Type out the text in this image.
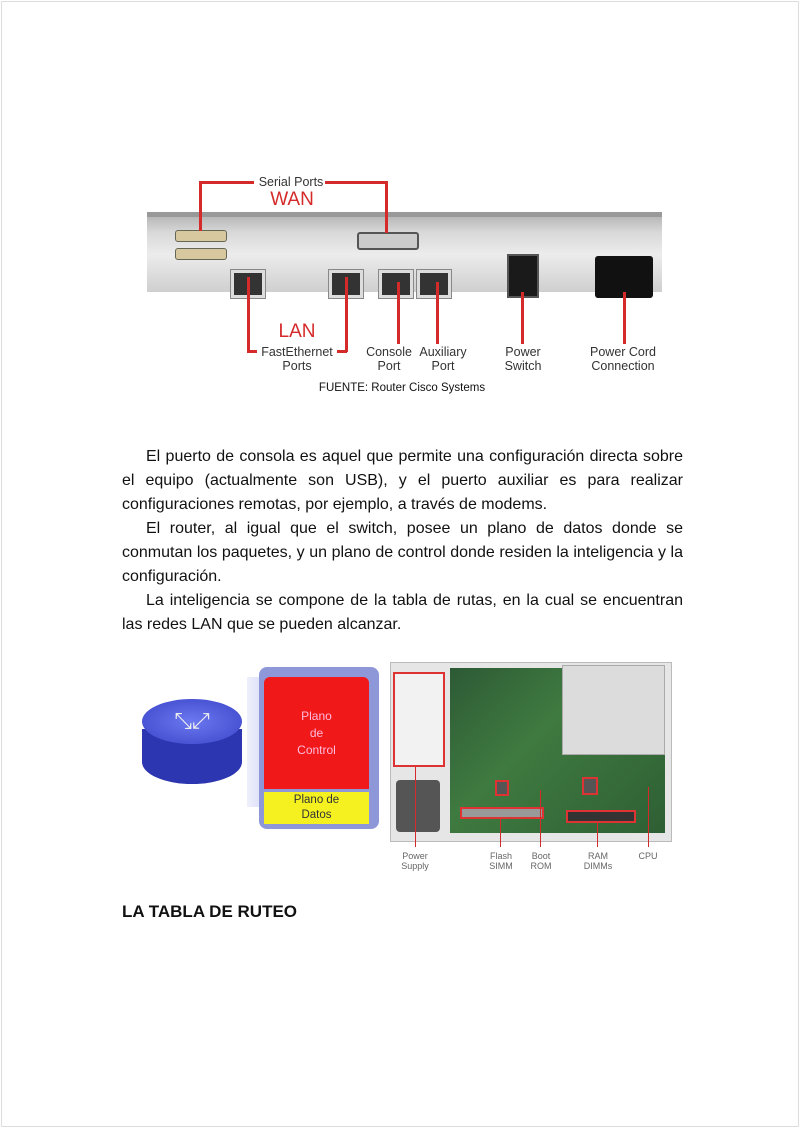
Serial Ports
WAN
LAN
FastEthernet
Ports
Console
Port
Auxiliary
Port
Power
Switch
Power Cord
Connection
FUENTE: Router Cisco Systems

El puerto de consola es aquel que permite una configuración directa sobre el equipo (actualmente son USB), y el puerto auxiliar es para realizar configuraciones remotas, por ejemplo, a través de modems.

El router, al igual que el switch, posee un plano de datos donde se conmutan los paquetes, y un plano de control donde residen la inteligencia y la configuración.

La inteligencia se compone de la tabla de rutas, en la cual se encuentran las redes LAN que se pueden alcanzar.

⤡⤢	Plano
de
Control
Plano de
Datos
Power Supply
Flash SIMM
Boot ROM
RAM DIMMs
CPU
LA TABLA DE RUTEO
